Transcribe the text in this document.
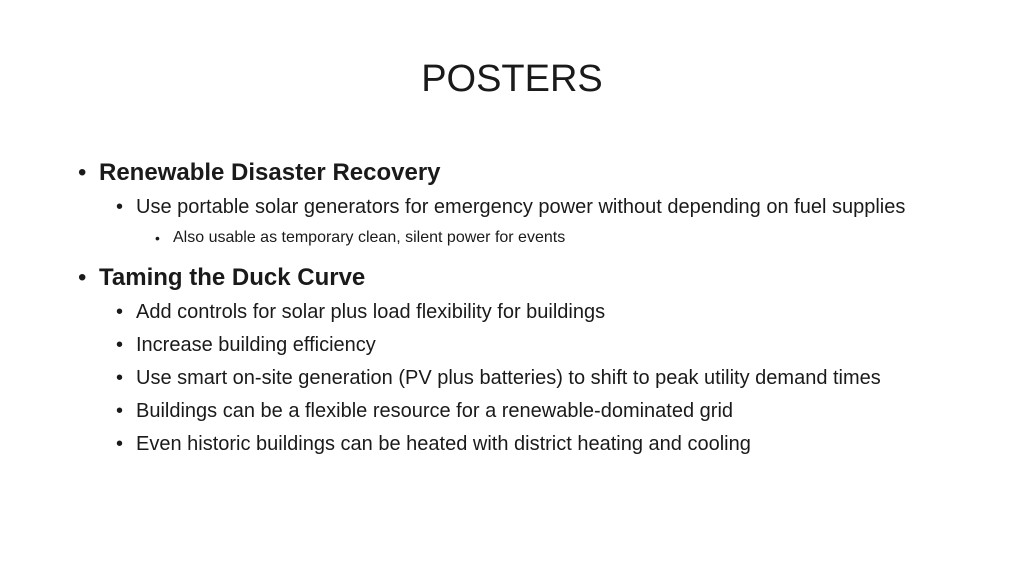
POSTERS
• Renewable Disaster Recovery
• Use portable solar generators for emergency power without depending on fuel supplies
• Also usable as temporary clean, silent power for events
• Taming the Duck Curve
• Add controls for solar plus load flexibility for buildings
• Increase building efficiency
• Use smart on-site generation (PV plus batteries) to shift to peak utility demand times
• Buildings can be a flexible resource for a renewable-dominated grid
• Even historic buildings can be heated with district heating and cooling
